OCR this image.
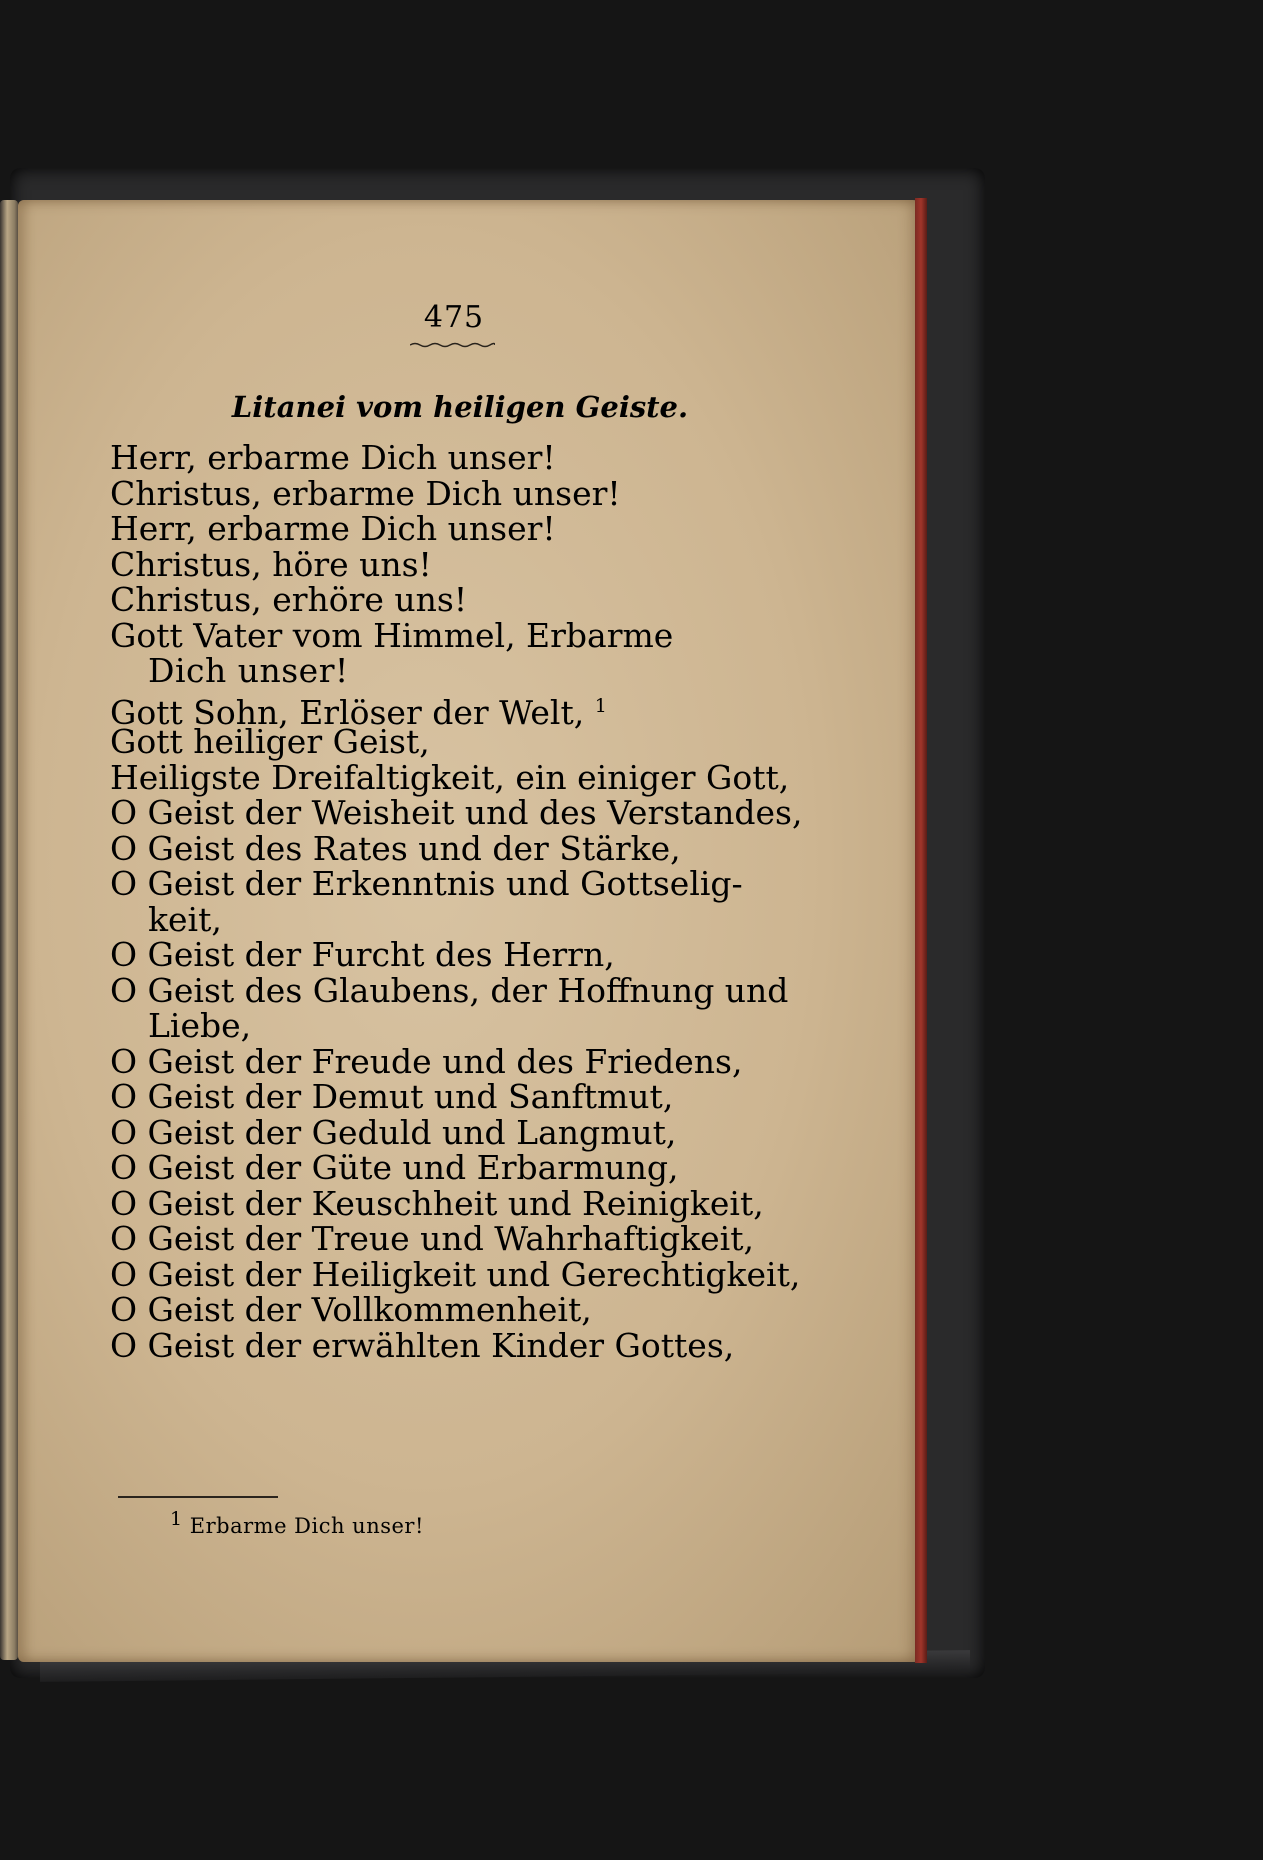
475
Litanei vom heiligen Geiste.
Herr, erbarme Dich unser!
Christus, erbarme Dich unser!
Herr, erbarme Dich unser!
Christus, höre uns!
Christus, erhöre uns!
Gott Vater vom Himmel, Erbarme
Dich unser!
Gott Sohn, Erlöser der Welt, $^1$
Gott heiliger Geist,
Heiligste Dreifaltigkeit, ein einiger Gott,
O Geist der Weisheit und des Verstandes,
O Geist des Rates und der Stärke,
O Geist der Erkenntnis und Gottselig-
keit,
O Geist der Furcht des Herrn,
O Geist des Glaubens, der Hoffnung und
Liebe,
O Geist der Freude und des Friedens,
O Geist der Demut und Sanftmut,
O Geist der Geduld und Langmut,
O Geist der Güte und Erbarmung,
O Geist der Keuschheit und Reinigkeit,
O Geist der Treue und Wahrhaftigkeit,
O Geist der Heiligkeit und Gerechtigkeit,
O Geist der Vollkommenheit,
O Geist der erwählten Kinder Gottes,
$^1$ Erbarme Dich unser!
